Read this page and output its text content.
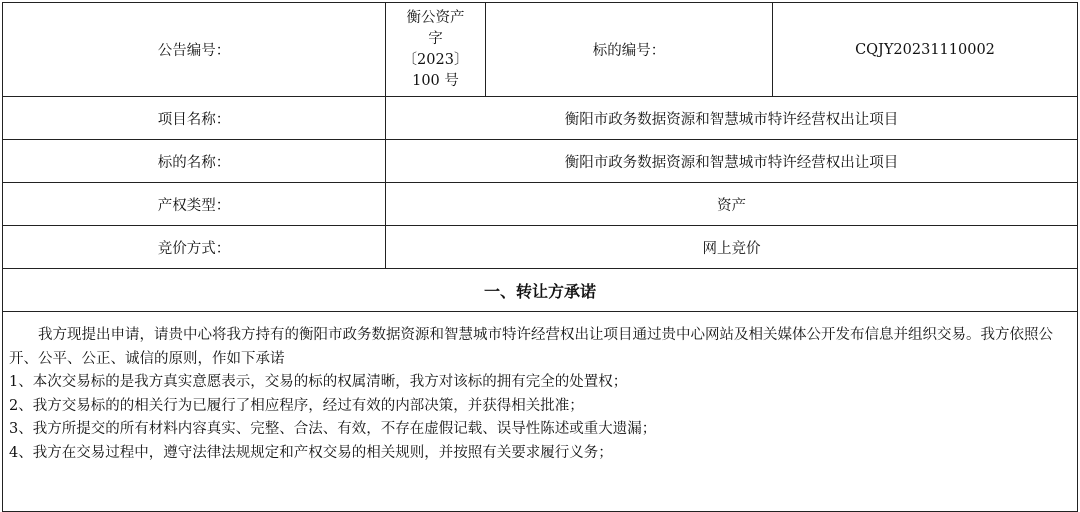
公告编号：	衡公资产
字
〔2023〕
100 号	标的编号：	CQJY20231110002
项目名称：	衡阳市政务数据资源和智慧城市特许经营权出让项目		
标的名称：	衡阳市政务数据资源和智慧城市特许经营权出让项目		
产权类型：	资产		
竞价方式：	网上竞价		
一、转让方承诺			

我方现提出申请，请贵中心将我方持有的衡阳市政务数据资源和智慧城市特许经营权出让项目通过贵中心网站及相关媒体公开发布信息并组织交易。我方依照公开、公平、公正、诚信的原则，作如下承诺

1、本次交易标的是我方真实意愿表示，交易的标的权属清晰，我方对该标的拥有完全的处置权；

2、我方交易标的的相关行为已履行了相应程序，经过有效的内部决策，并获得相关批准；

3、我方所提交的所有材料内容真实、完整、合法、有效，不存在虚假记载、误导性陈述或重大遗漏；

4、我方在交易过程中，遵守法律法规规定和产权交易的相关规则，并按照有关要求履行义务；			
